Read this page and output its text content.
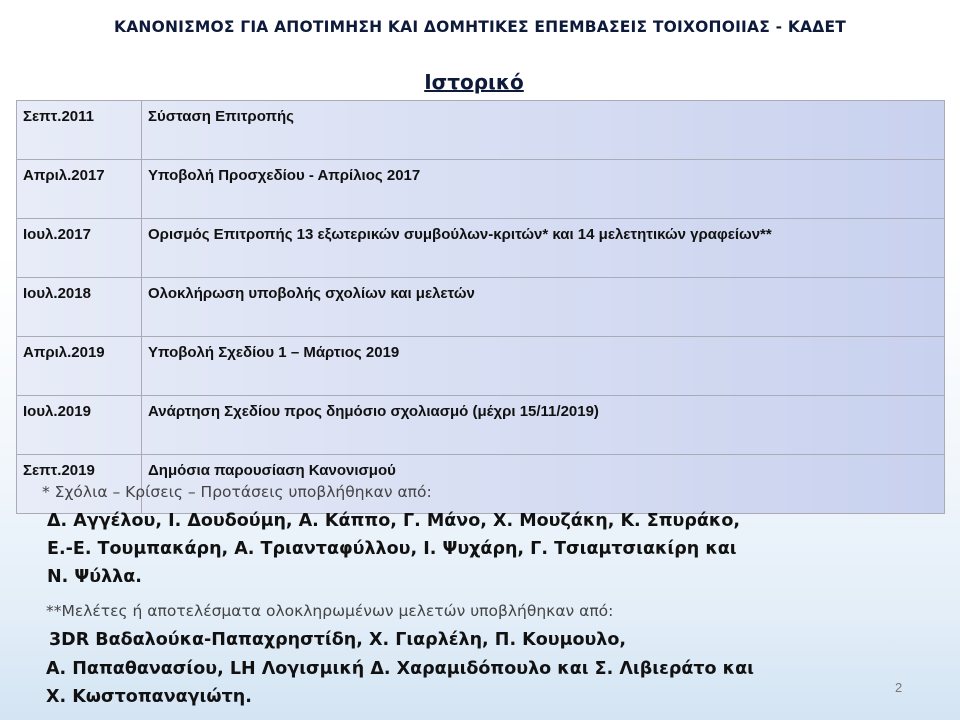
ΚΑΝΟΝΙΣΜΟΣ ΓΙΑ ΑΠΟΤΙΜΗΣΗ ΚΑΙ ΔΟΜΗΤΙΚΕΣ ΕΠΕΜΒΑΣΕΙΣ ΤΟΙΧΟΠΟΙΙΑΣ - ΚΑΔΕΤ
Ιστορικό
Σεπτ.2011	Σύσταση Επιτροπής
Απριλ.2017	Υποβολή Προσχεδίου - Απρίλιος 2017
Ιουλ.2017	Ορισμός Επιτροπής 13 εξωτερικών συμβούλων-κριτών* και 14 μελετητικών γραφείων**
Ιουλ.2018	Ολοκλήρωση υποβολής σχολίων και μελετών
Απριλ.2019	Υποβολή Σχεδίου 1 – Μάρτιος 2019
Ιουλ.2019	Ανάρτηση Σχεδίου προς δημόσιο σχολιασμό (μέχρι 15/11/2019)
Σεπτ.2019	Δημόσια παρουσίαση Κανονισμού
* Σχόλια – Κρίσεις – Προτάσεις υποβλήθηκαν από:
Δ. Αγγέλου, Ι. Δουδούμη, Α. Κάππο, Γ. Μάνο, Χ. Μουζάκη, Κ. Σπυράκο,
Ε.-Ε. Τουμπακάρη, Α. Τριανταφύλλου, Ι. Ψυχάρη, Γ. Τσιαμτσιακίρη και
Ν. Ψύλλα.
**Μελέτες ή αποτελέσματα ολοκληρωμένων μελετών υποβλήθηκαν από:
3DR Βαδαλούκα-Παπαχρηστίδη, Χ. Γιαρλέλη, Π. Κουμουλο,
Α. Παπαθανασίου, LH Λογισμική Δ. Χαραμιδόπουλο και Σ. Λιβιεράτο και
Χ. Κωστοπαναγιώτη.	2
